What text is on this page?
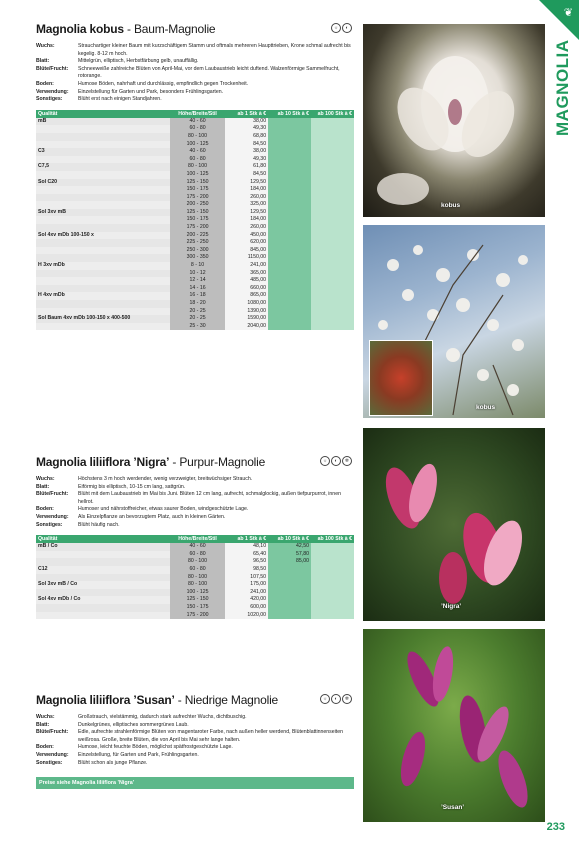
Magnolia kobus - Baum-Magnolie	☼	◐
Wuchs:	Strauchartiger kleiner Baum mit kurzschäftigem Stamm und oftmals mehreren Haupttrieben, Krone schmal aufrecht bis kegelig. 8-12 m hoch.
Blatt:	Mittelgrün, elliptisch, Herbstfärbung gelb, unauffällig.
Blüte/Frucht:	Schneeweiße zahlreiche Blüten von April-Mai, vor dem Laubaustrieb leicht duftend. Walzenförmige Sammelfrucht, rotorange.
Boden:	Humose Böden, nahrhaft und durchlässig, empfindlich gegen Trockenheit.
Verwendung:	Einzelstellung für Garten und Park, besonders Frühlingsgarten.
Sonstiges:	Blüht erst nach einigen Standjahren.
Qualität	Höhe/Breite/Stil	ab 1 Stk à €	ab 10 Stk à €	ab 100 Stk à €
mB	40 - 60	38,00		
	60 - 80	49,30		
	80 - 100	68,80		
	100 - 125	84,50		
C3	40 - 60	38,00		
	60 - 80	49,30		
C7,5	80 - 100	61,80		
	100 - 125	84,50		
Sol C20	125 - 150	129,50		
	150 - 175	184,00		
	175 - 200	260,00		
	200 - 250	325,00		
Sol 3xv mB	125 - 150	129,50		
	150 - 175	184,00		
	175 - 200	260,00		
Sol 4xv mDb 100-150 x	200 - 225	450,00		
	225 - 250	620,00		
	250 - 300	845,00		
	300 - 350	1150,00		
H 3xv mDb	8 - 10	241,00		
	10 - 12	365,00		
	12 - 14	485,00		
	14 - 16	660,00		
H 4xv mDb	16 - 18	865,00		
	18 - 20	1080,00		
	20 - 25	1390,00		
Sol Baum 4xv mDb 100-150 x 400-500	20 - 25	1590,00		
	25 - 30	2040,00		
Magnolia liliiflora ’Nigra’ - Purpur-Magnolie	☼	◐	❄
Wuchs:	Höchstens 3 m hoch werdender, wenig verzweigter, breitwüchsiger Strauch.
Blatt:	Eiförmig bis elliptisch, 10-15 cm lang, sattgrün.
Blüte/Frucht:	Blüht mit dem Laubaustrieb im Mai bis Juni. Blüten 12 cm lang, aufrecht, schmalglockig, außen tiefpurpurrot, innen hellrot.
Boden:	Humoser und nährstoffreicher, etwas saurer Boden, windgeschützte Lage.
Verwendung:	Als Einzelpflanze an bevorzugtem Platz, auch in kleinen Gärten.
Sonstiges:	Blüht häufig nach.
Qualität	Höhe/Breite/Stil	ab 1 Stk à €	ab 10 Stk à €	ab 100 Stk à €
mB / Co	40 - 60	48,10	42,50	
	60 - 80	65,40	57,80	
	80 - 100	96,50	85,00	
C12	60 - 80	98,50		
	80 - 100	107,50		
Sol 3xv mB / Co	80 - 100	175,00		
	100 - 125	241,00		
Sol 4xv mDb / Co	125 - 150	420,00		
	150 - 175	600,00		
	175 - 200	1020,00		
Magnolia liliiflora ’Susan’ - Niedrige Magnolie	☼	◐	❄
Wuchs:	Großstrauch, vielstämmig, dadurch stark aufrechter Wuchs, dichtbuschig.
Blatt:	Dunkelgrünes, elliptisches sommergrünes Laub.
Blüte/Frucht:	Edle, aufrechte strahlenförmige Blüten von magentaroter Farbe, nach außen heller werdend, Blütenblattinnenseiten weißrosa. Große, breite Blüten, die von April bis Mai sehr lange halten.
Boden:	Humose, leicht feuchte Böden, möglichst spätfrostgeschützte Lage.
Verwendung:	Einzelstellung, für Garten und Park, Frühlingsgarten.
Sonstiges:	Blüht schon als junge Pflanze.
Preise siehe Magnolia liliiflora ’Nigra’
kobus
kobus
’Nigra’
’Susan’
❦
MAGNOLIA
233
